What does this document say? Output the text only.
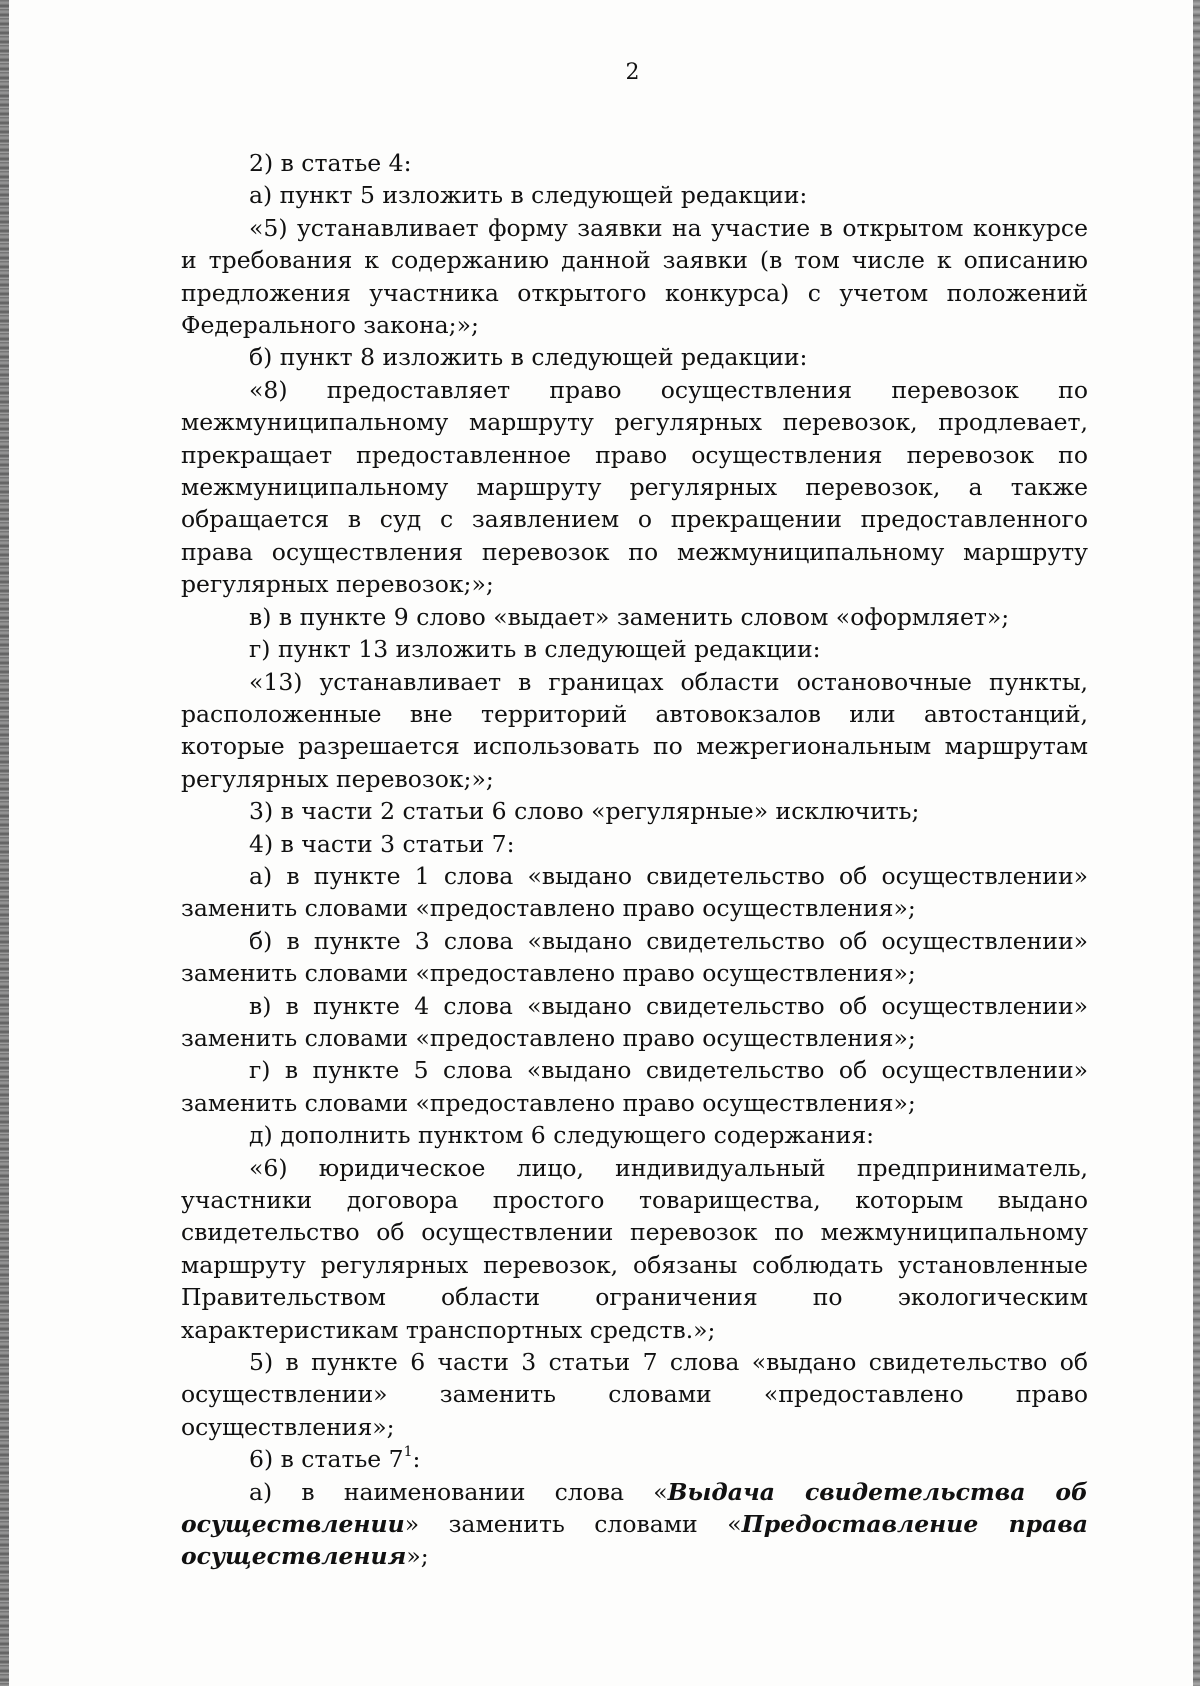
2

2) в статье 4:

а) пункт 5 изложить в следующей редакции:

«5) устанавливает форму заявки на участие в открытом конкурсе и требования к содержанию данной заявки (в том числе к описанию предложения участника открытого конкурса) с учетом положений Федерального закона;»;

б) пункт 8 изложить в следующей редакции:

«8) предоставляет право осуществления перевозок по межмуниципальному маршруту регулярных перевозок, продлевает, прекращает предоставленное право осуществления перевозок по межмуниципальному маршруту регулярных перевозок, а также обращается в суд с заявлением о прекращении предоставленного права осуществления перевозок по межмуниципальному маршруту регулярных перевозок;»;

в) в пункте 9 слово «выдает» заменить словом «оформляет»;

г) пункт 13 изложить в следующей редакции:

«13) устанавливает в границах области остановочные пункты, расположенные вне территорий автовокзалов или автостанций, которые разрешается использовать по межрегиональным маршрутам регулярных перевозок;»;

3) в части 2 статьи 6 слово «регулярные» исключить;

4) в части 3 статьи 7:

а) в пункте 1 слова «выдано свидетельство об осуществлении» заменить словами «предоставлено право осуществления»;

б) в пункте 3 слова «выдано свидетельство об осуществлении» заменить словами «предоставлено право осуществления»;

в) в пункте 4 слова «выдано свидетельство об осуществлении» заменить словами «предоставлено право осуществления»;

г) в пункте 5 слова «выдано свидетельство об осуществлении» заменить словами «предоставлено право осуществления»;

д) дополнить пунктом 6 следующего содержания:

«6) юридическое лицо, индивидуальный предприниматель, участники договора простого товарищества, которым выдано свидетельство об осуществлении перевозок по межмуниципальному маршруту регулярных перевозок, обязаны соблюдать установленные Правительством области ограничения по экологическим характеристикам транспортных средств.»;

5) в пункте 6 части 3 статьи 7 слова «выдано свидетельство об осуществлении» заменить словами «предоставлено право осуществления»;

6) в статье $7^1$:

а) в наименовании слова «Выдача свидетельства об осуществлении» заменить словами «Предоставление права осуществления»;
